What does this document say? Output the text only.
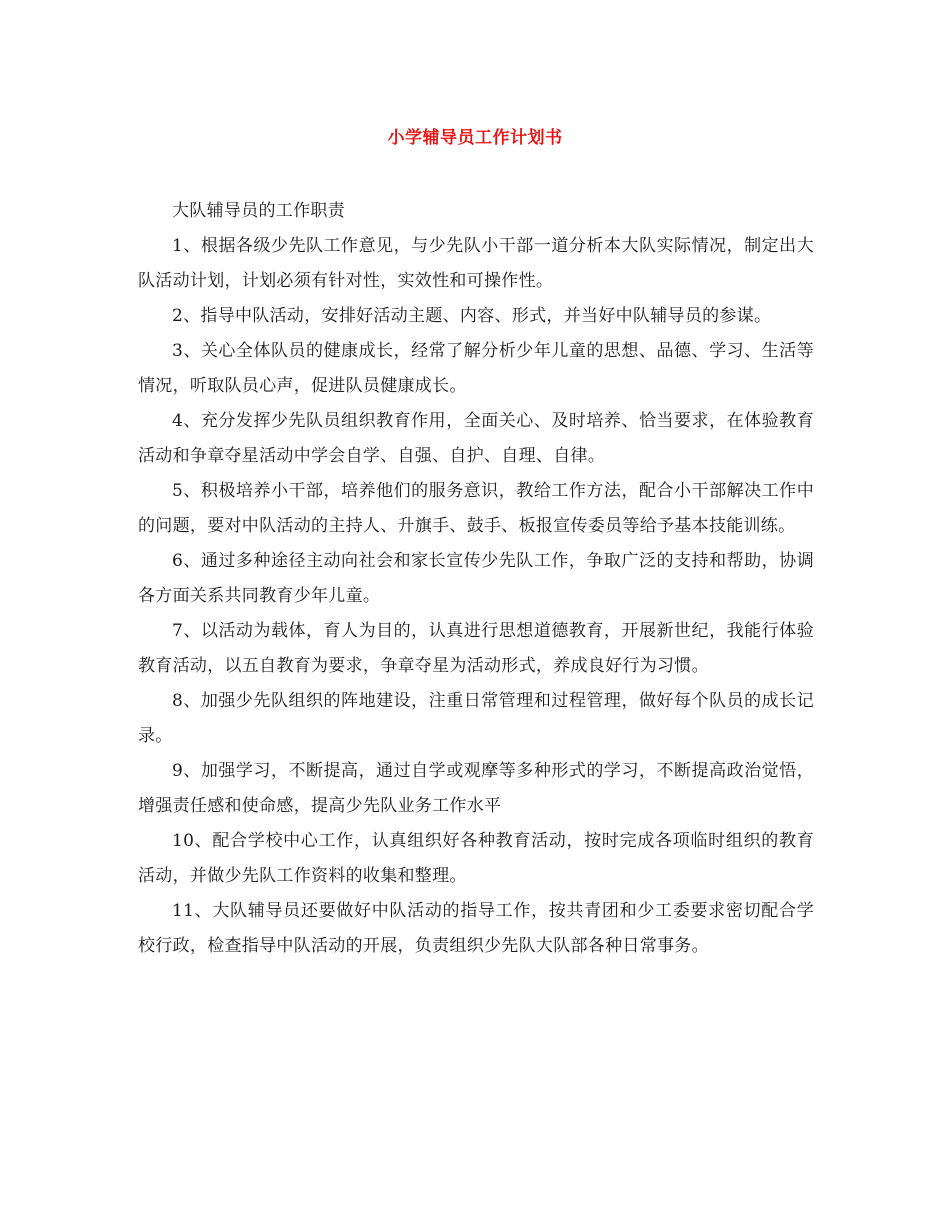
小学辅导员工作计划书

大队辅导员的工作职责

1、根据各级少先队工作意见，与少先队小干部一道分析本大队实际情况，制定出大队活动计划，计划必须有针对性，实效性和可操作性。

2、指导中队活动，安排好活动主题、内容、形式，并当好中队辅导员的参谋。

3、关心全体队员的健康成长，经常了解分析少年儿童的思想、品德、学习、生活等情况，听取队员心声，促进队员健康成长。

4、充分发挥少先队员组织教育作用，全面关心、及时培养、恰当要求，在体验教育活动和争章夺星活动中学会自学、自强、自护、自理、自律。

5、积极培养小干部，培养他们的服务意识，教给工作方法，配合小干部解决工作中的问题，要对中队活动的主持人、升旗手、鼓手、板报宣传委员等给予基本技能训练。

6、通过多种途径主动向社会和家长宣传少先队工作，争取广泛的支持和帮助，协调各方面关系共同教育少年儿童。

7、以活动为载体，育人为目的，认真进行思想道德教育，开展新世纪，我能行体验教育活动，以五自教育为要求，争章夺星为活动形式，养成良好行为习惯。

8、加强少先队组织的阵地建设，注重日常管理和过程管理，做好每个队员的成长记录。

9、加强学习，不断提高，通过自学或观摩等多种形式的学习，不断提高政治觉悟，增强责任感和使命感，提高少先队业务工作水平

10、配合学校中心工作，认真组织好各种教育活动，按时完成各项临时组织的教育活动，并做少先队工作资料的收集和整理。

11、大队辅导员还要做好中队活动的指导工作，按共青团和少工委要求密切配合学校行政，检查指导中队活动的开展，负责组织少先队大队部各种日常事务。
